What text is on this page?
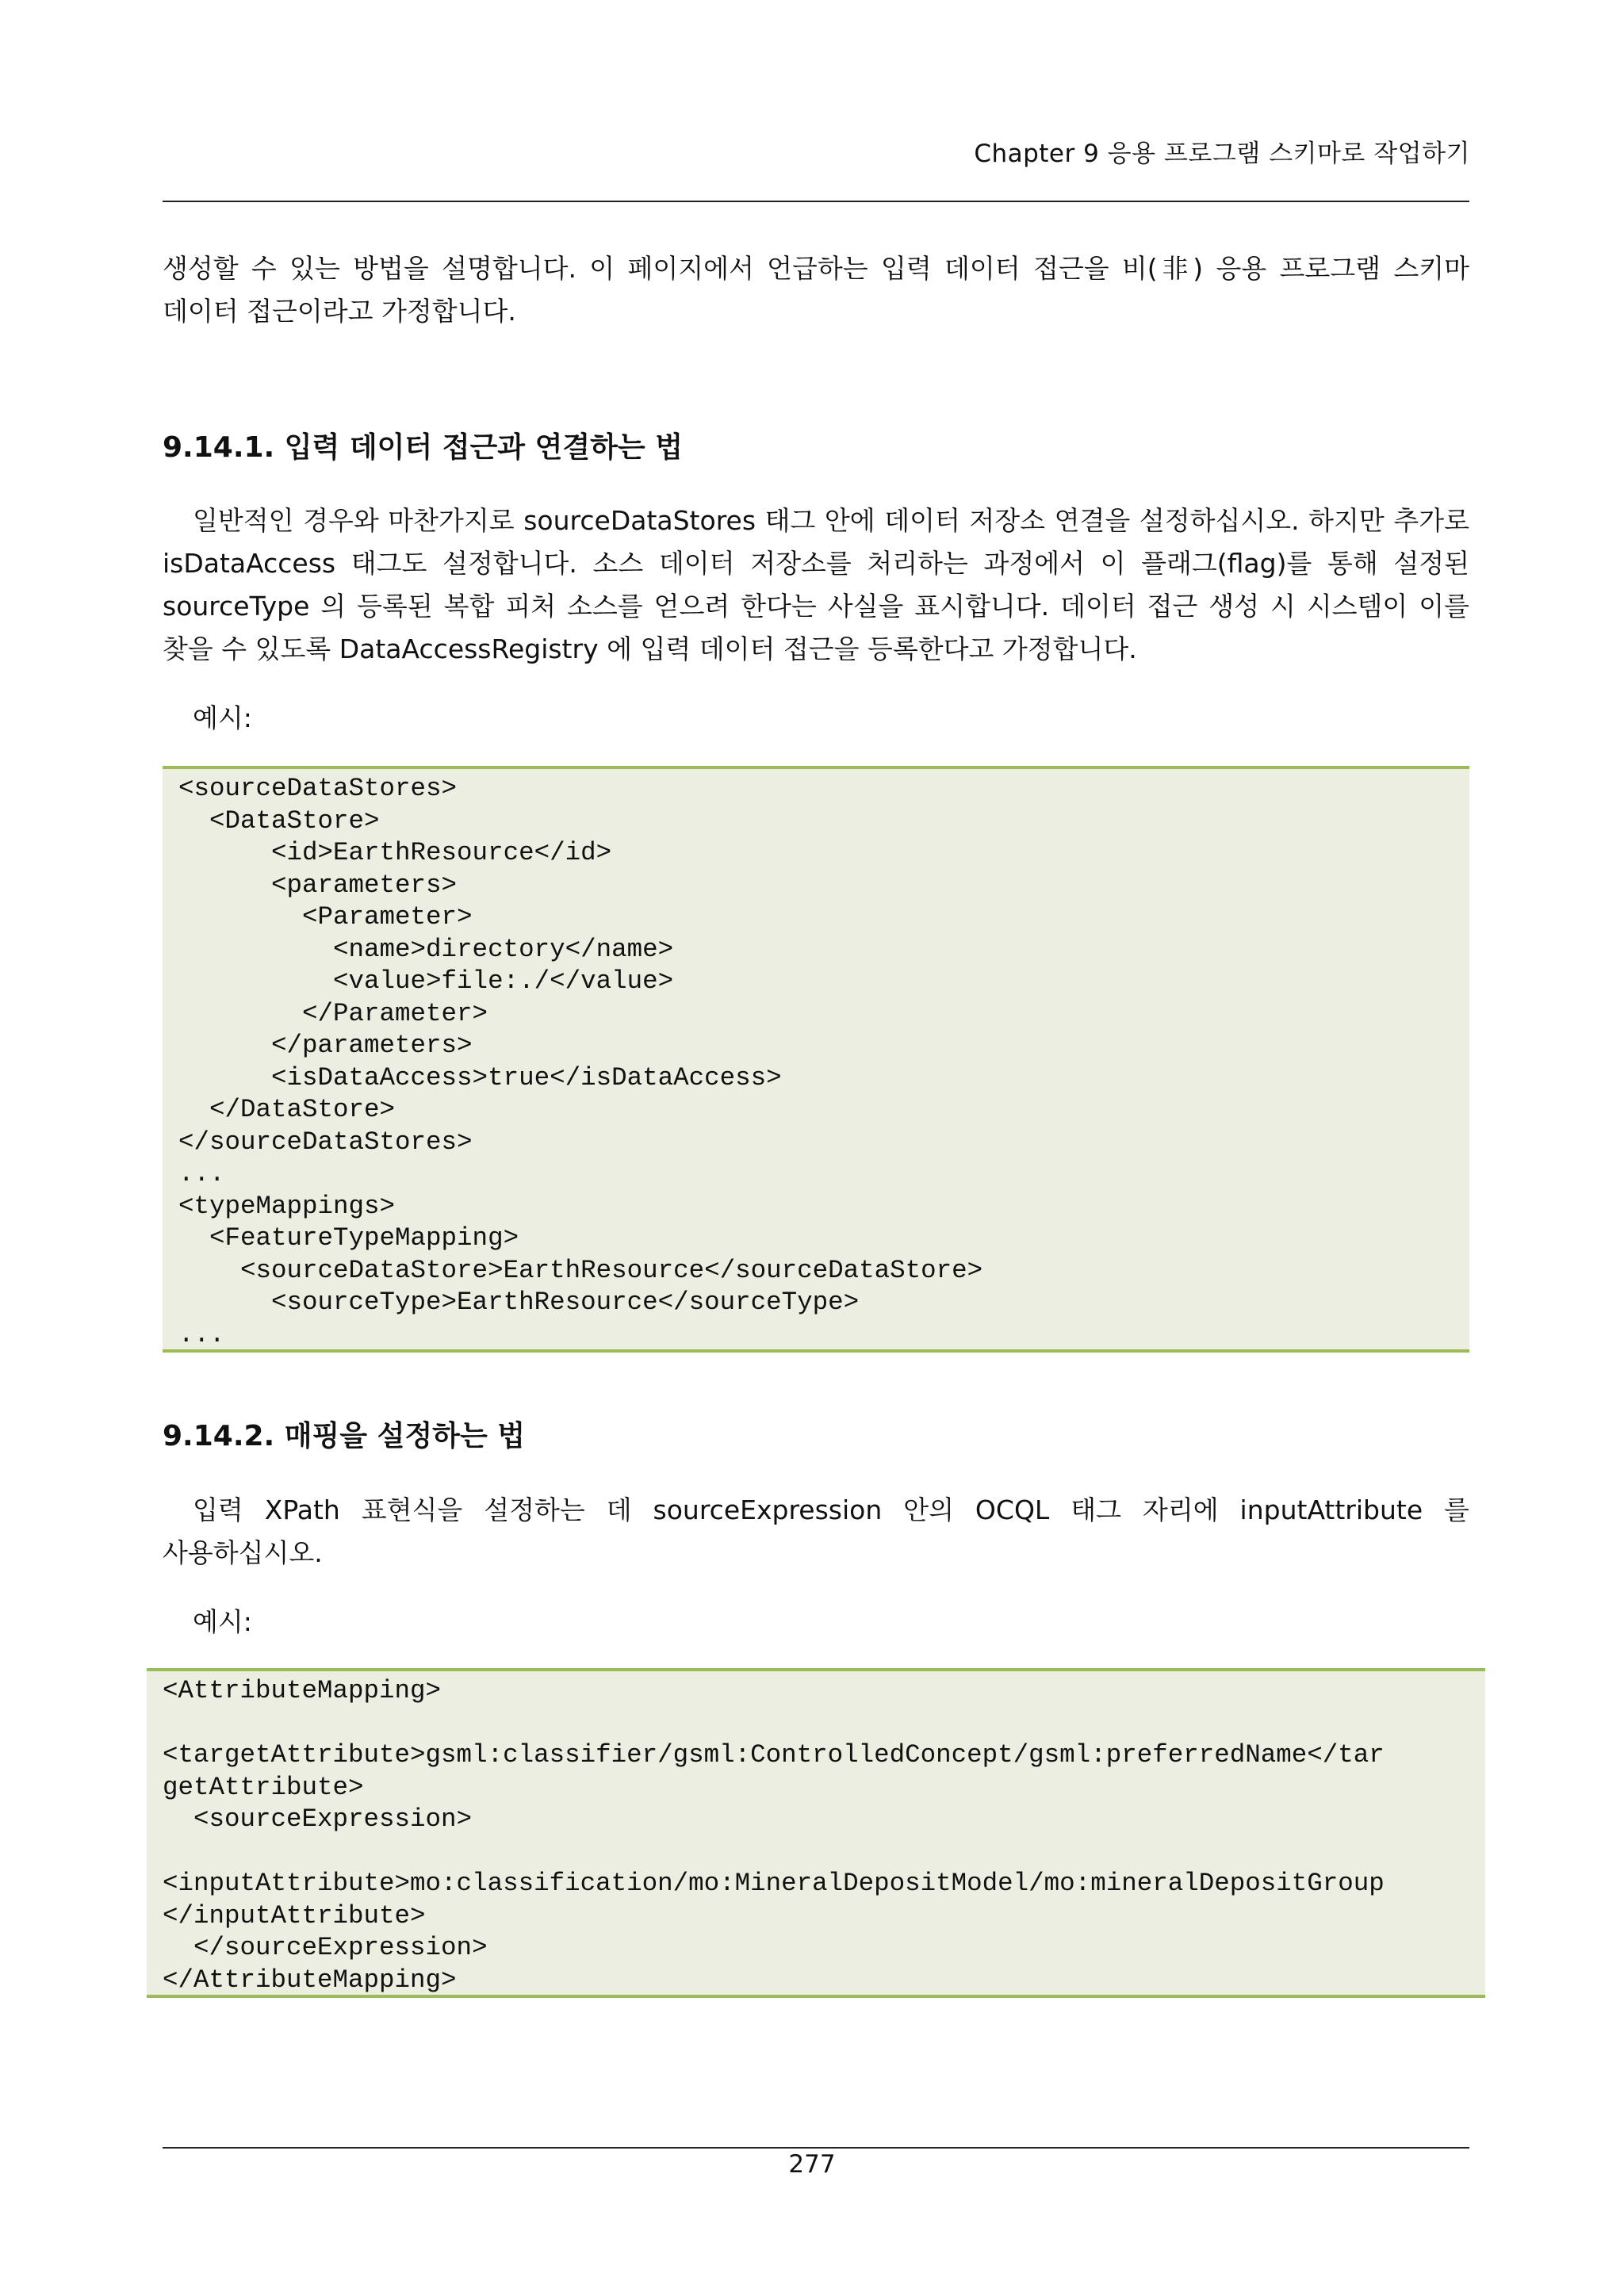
Chapter 9 응용 프로그램 스키마로 작업하기

생성할 수 있는 방법을 설명합니다. 이 페이지에서 언급하는 입력 데이터 접근을 비(非) 응용 프로그램 스키마 데이터 접근이라고 가정합니다.

9.14.1. 입력 데이터 접근과 연결하는 법

일반적인 경우와 마찬가지로 sourceDataStores 태그 안에 데이터 저장소 연결을 설정하십시오. 하지만 추가로 isDataAccess 태그도 설정합니다. 소스 데이터 저장소를 처리하는 과정에서 이 플래그(flag)를 통해 설정된 sourceType 의 등록된 복합 피처 소스를 얻으려 한다는 사실을 표시합니다. 데이터 접근 생성 시 시스템이 이를 찾을 수 있도록 DataAccessRegistry 에 입력 데이터 접근을 등록한다고 가정합니다.

예시:

<sourceDataStores>
<DataStore>
<id>EarthResource</id>
<parameters>
<Parameter>
<name>directory</name>
<value>file:./</value>
</Parameter>
</parameters>
<isDataAccess>true</isDataAccess>
</DataStore>
</sourceDataStores>
...
<typeMappings>
<FeatureTypeMapping>
<sourceDataStore>EarthResource</sourceDataStore>
<sourceType>EarthResource</sourceType>
...
9.14.2. 매핑을 설정하는 법

입력 XPath 표현식을 설정하는 데 sourceExpression 안의 OCQL 태그 자리에 inputAttribute 를 사용하십시오.

예시:

<AttributeMapping>

<targetAttribute>gsml:classifier/gsml:ControlledConcept/gsml:preferredName</tar
getAttribute>
<sourceExpression>

<inputAttribute>mo:classification/mo:MineralDepositModel/mo:mineralDepositGroup
</inputAttribute>
</sourceExpression>
</AttributeMapping>
277
